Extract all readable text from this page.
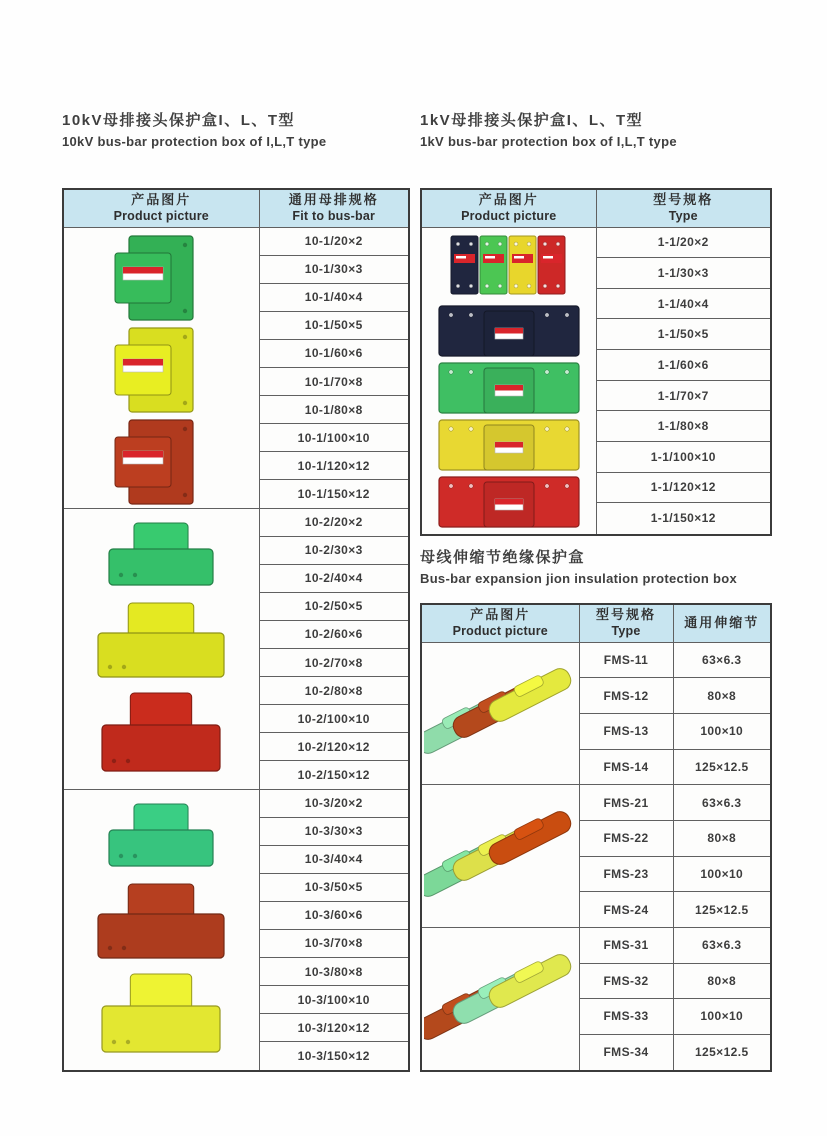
10kV母排接头保护盒I、L、T型
10kV bus-bar protection box of I,L,T type
1kV母排接头保护盒I、L、T型
1kV bus-bar protection box of I,L,T type
产品图片
Product picture

通用母排规格
Fit to bus-bar

	10-1/20×2
	10-1/30×3
	10-1/40×4
	10-1/50×5
	10-1/60×6
	10-1/70×8
	10-1/80×8
	10-1/100×10
	10-1/120×12
	10-1/150×12
	10-2/20×2
	10-2/30×3
	10-2/40×4
	10-2/50×5
	10-2/60×6
	10-2/70×8
	10-2/80×8
	10-2/100×10
	10-2/120×12
	10-2/150×12
	10-3/20×2
	10-3/30×3
	10-3/40×4
	10-3/50×5
	10-3/60×6
	10-3/70×8
	10-3/80×8
	10-3/100×10
	10-3/120×12
	10-3/150×12
产品图片
Product picture

型号规格
Type

	1-1/20×2
	1-1/30×3
	1-1/40×4
	1-1/50×5
	1-1/60×6
	1-1/70×7
	1-1/80×8
	1-1/100×10
	1-1/120×12
	1-1/150×12
母线伸缩节绝缘保护盒
Bus-bar expansion jion insulation protection box
产品图片
Product picture

型号规格
Type

通用伸缩节

	FMS-11	63×6.3
	FMS-12	80×8
	FMS-13	100×10
	FMS-14	125×12.5
	FMS-21	63×6.3
	FMS-22	80×8
	FMS-23	100×10
	FMS-24	125×12.5
	FMS-31	63×6.3
	FMS-32	80×8
	FMS-33	100×10
	FMS-34	125×12.5
